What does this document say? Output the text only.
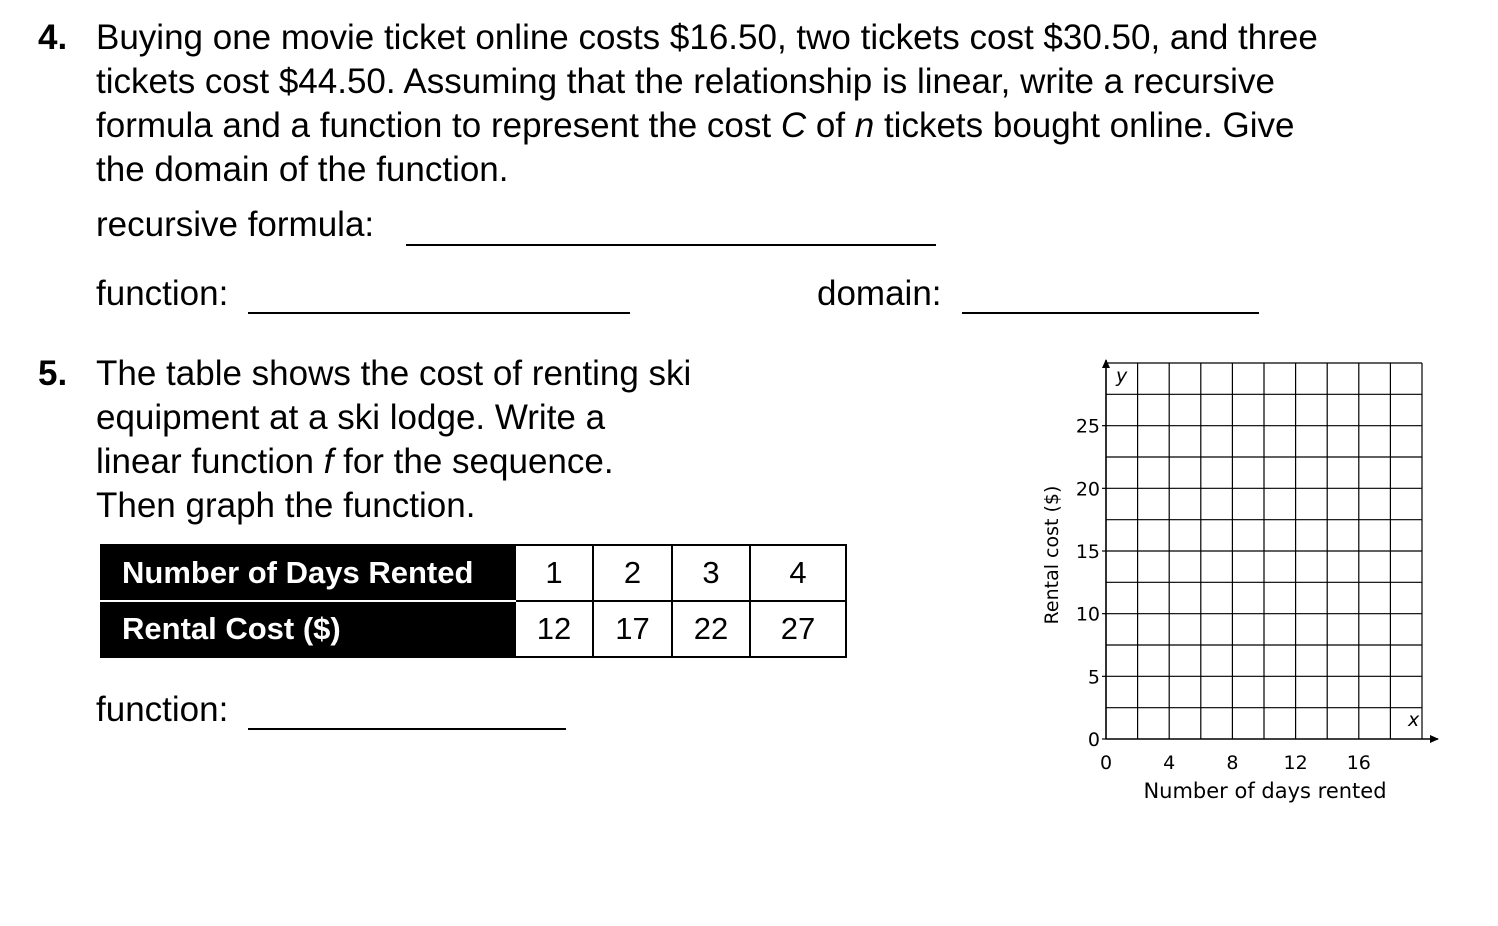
4. Buying one movie ticket online costs $16.50, two tickets cost $30.50, and three
tickets cost $44.50. Assuming that the relationship is linear, write a recursive
formula and a function to represent the cost C of n tickets bought online. Give
the domain of the function.
recursive formula:
function:	domain:
5. The table shows the cost of renting ski
equipment at a ski lodge. Write a
linear function f for the sequence.
Then graph the function.
Number of Days Rented	1	2	3	4
Rental Cost ($)	12	17	22	27
function:
0	4	8 12 16
0
5
10
15
20
25
x
y
Number of days rented
Rental cost ($)
